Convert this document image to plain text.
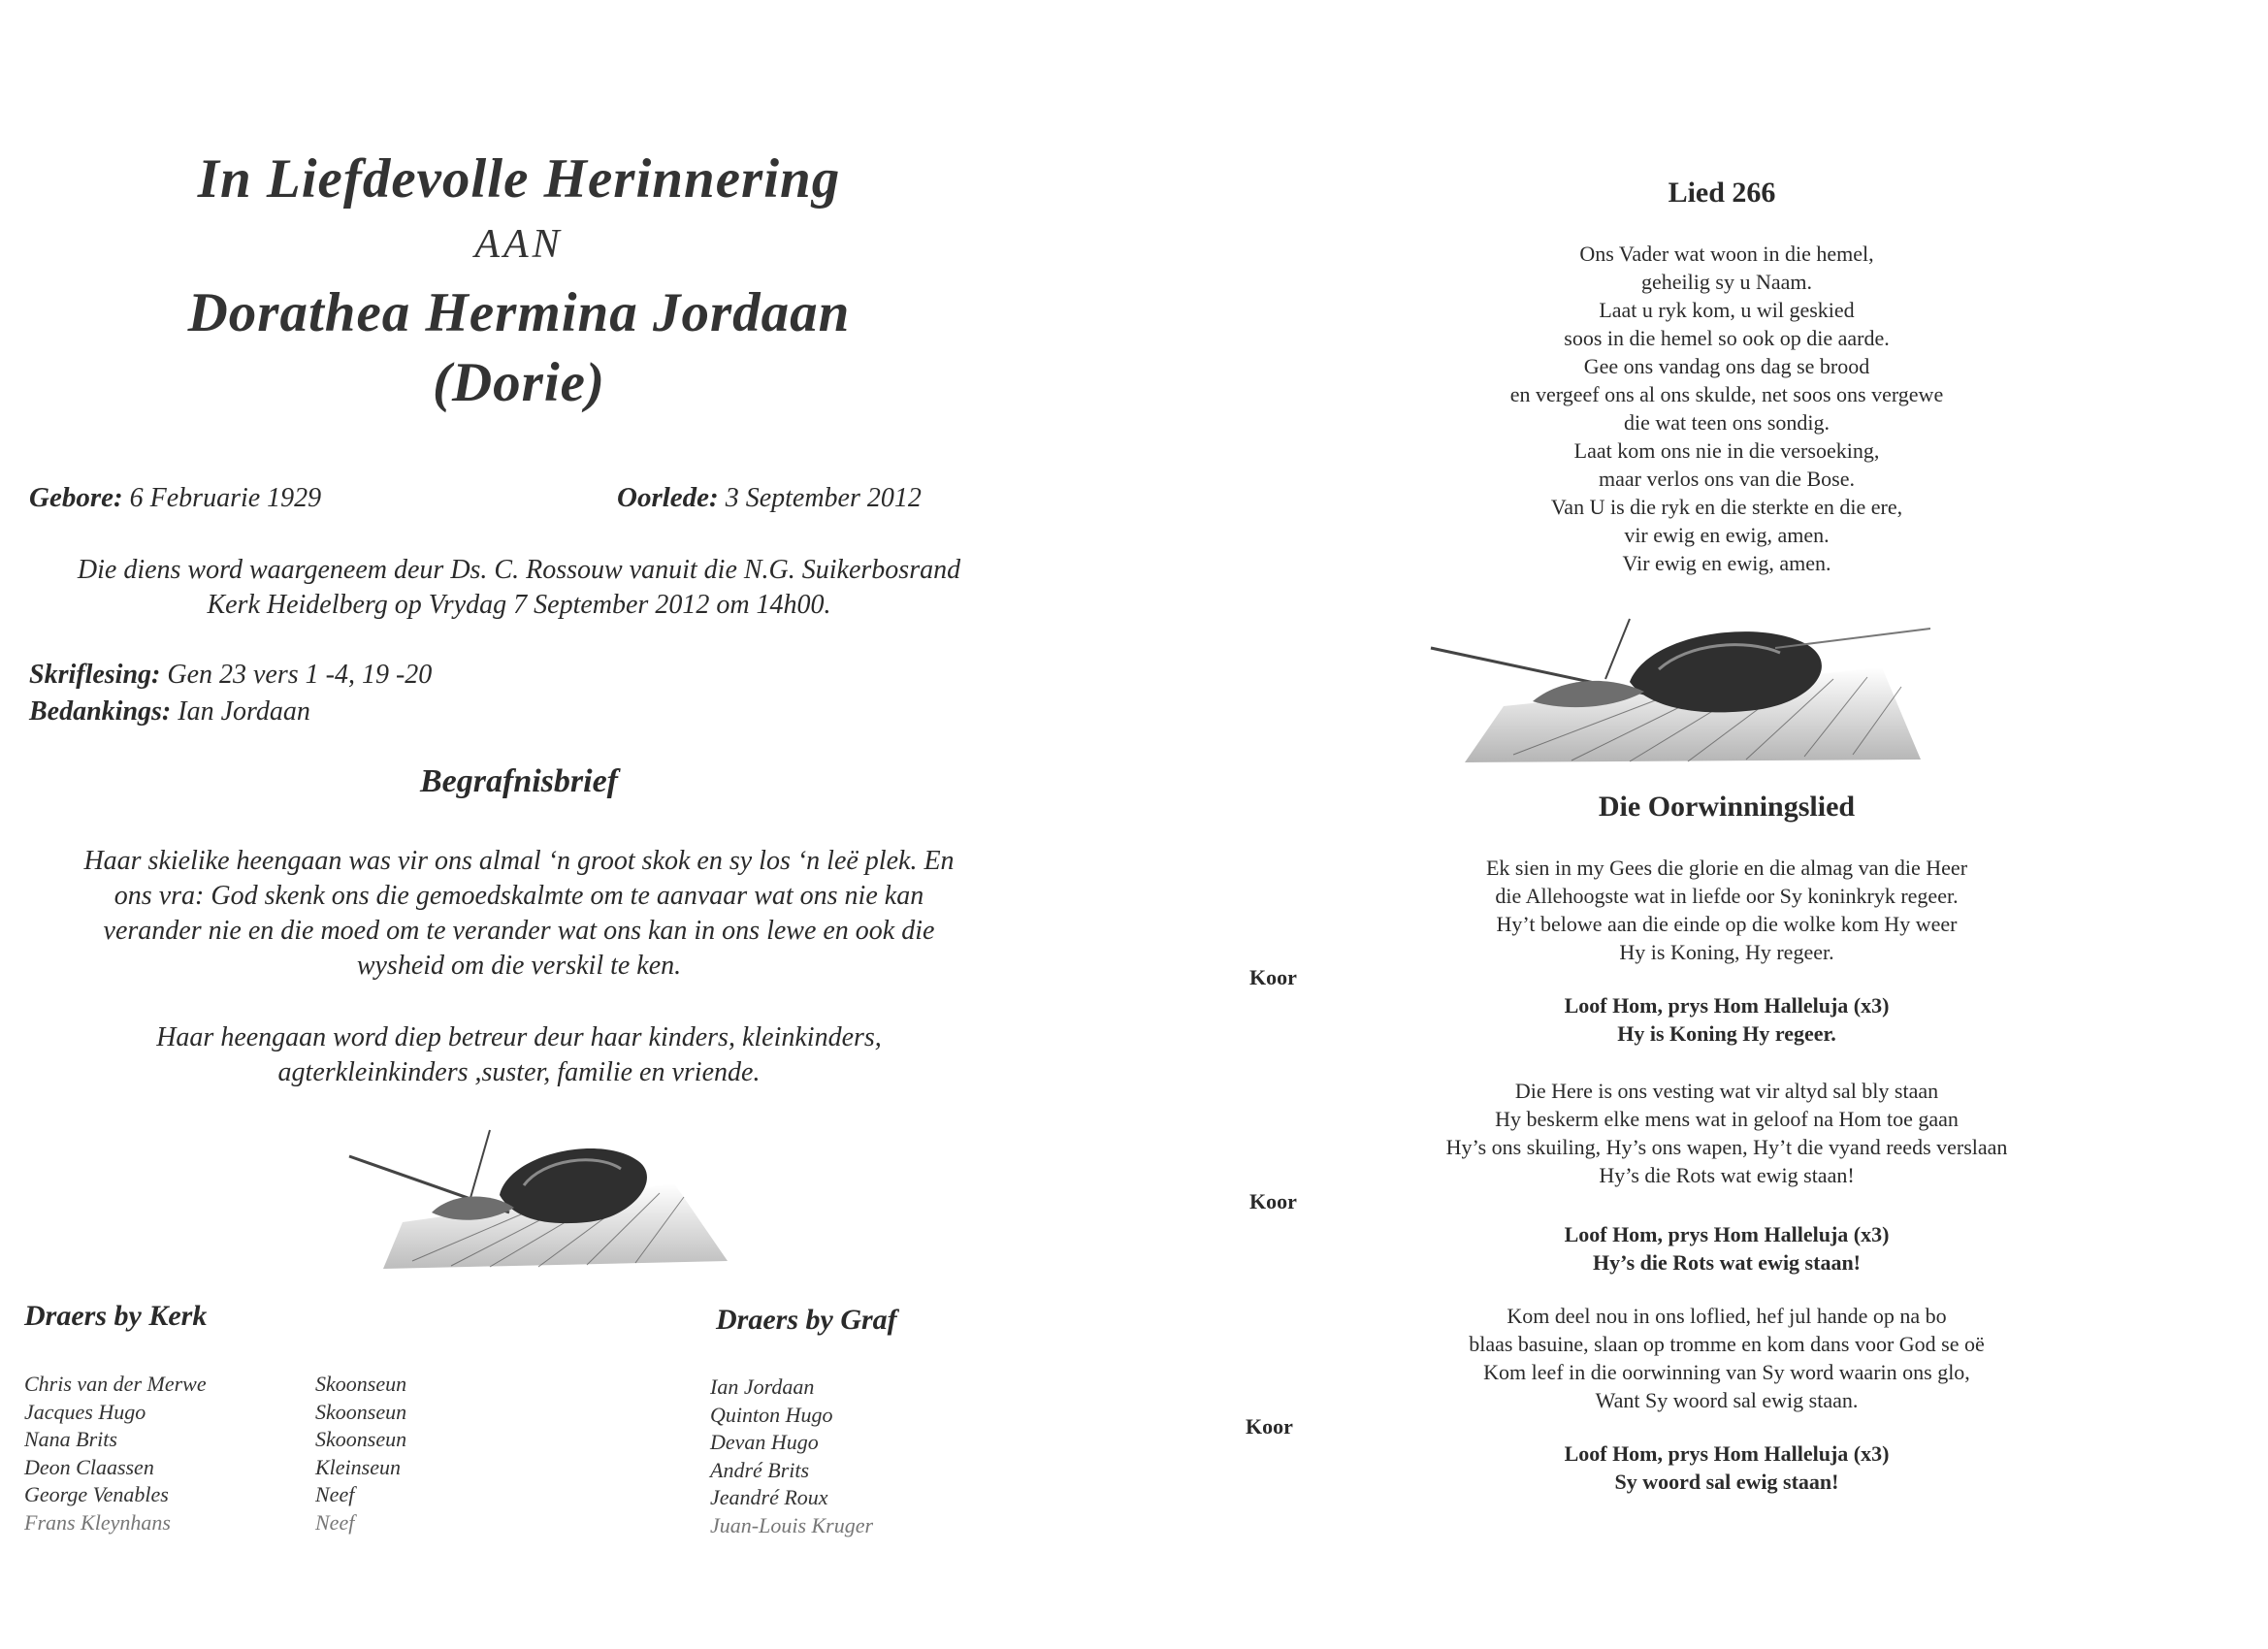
In Liefdevolle Herinnering
AAN
Dorathea Hermina Jordaan
(Dorie)
Gebore: 6 Februarie 1929	Oorlede: 3 September 2012
Die diens word waargeneem deur Ds. C. Rossouw vanuit die N.G. Suikerbosrand
Kerk Heidelberg op Vrydag 7 September 2012 om 14h00.
Skriflesing: Gen 23 vers 1 -4, 19 -20
Bedankings: Ian Jordaan
Begrafnisbrief
Haar skielike heengaan was vir ons almal ‘n groot skok en sy los ‘n leë plek. En
ons vra: God skenk ons die gemoedskalmte om te aanvaar wat ons nie kan
verander nie en die moed om te verander wat ons kan in ons lewe en ook die
wysheid om die verskil te ken.
Haar heengaan word diep betreur deur haar kinders, kleinkinders,
agterkleinkinders ,suster, familie en vriende.
Draers by Kerk	Draers by Graf
Chris van der Merwe
Jacques Hugo
Nana Brits
Deon Claassen
George Venables
Frans Kleynhans
Skoonseun
Skoonseun
Skoonseun
Kleinseun
Neef
Neef
Ian Jordaan
Quinton Hugo
Devan Hugo
André Brits
Jeandré Roux
Juan-Louis Kruger
Lied 266
Ons Vader wat woon in die hemel,
geheilig sy u Naam.
Laat u ryk kom, u wil geskied
soos in die hemel so ook op die aarde.
Gee ons vandag ons dag se brood
en vergeef ons al ons skulde, net soos ons vergewe
die wat teen ons sondig.
Laat kom ons nie in die versoeking,
maar verlos ons van die Bose.
Van U is die ryk en die sterkte en die ere,
vir ewig en ewig, amen.
Vir ewig en ewig, amen.
Die Oorwinningslied
Ek sien in my Gees die glorie en die almag van die Heer
die Allehoogste wat in liefde oor Sy koninkryk regeer.
Hy’t belowe aan die einde op die wolke kom Hy weer
Hy is Koning, Hy regeer.
Koor
Loof Hom, prys Hom Halleluja (x3)
Hy is Koning Hy regeer.
Die Here is ons vesting wat vir altyd sal bly staan
Hy beskerm elke mens wat in geloof na Hom toe gaan
Hy’s ons skuiling, Hy’s ons wapen, Hy’t die vyand reeds verslaan
Hy’s die Rots wat ewig staan!
Koor
Loof Hom, prys Hom Halleluja (x3)
Hy’s die Rots wat ewig staan!
Kom deel nou in ons loflied, hef jul hande op na bo
blaas basuine, slaan op tromme en kom dans voor God se oë
Kom leef in die oorwinning van Sy word waarin ons glo,
Want Sy woord sal ewig staan.
Koor
Loof Hom, prys Hom Halleluja (x3)
Sy woord sal ewig staan!
